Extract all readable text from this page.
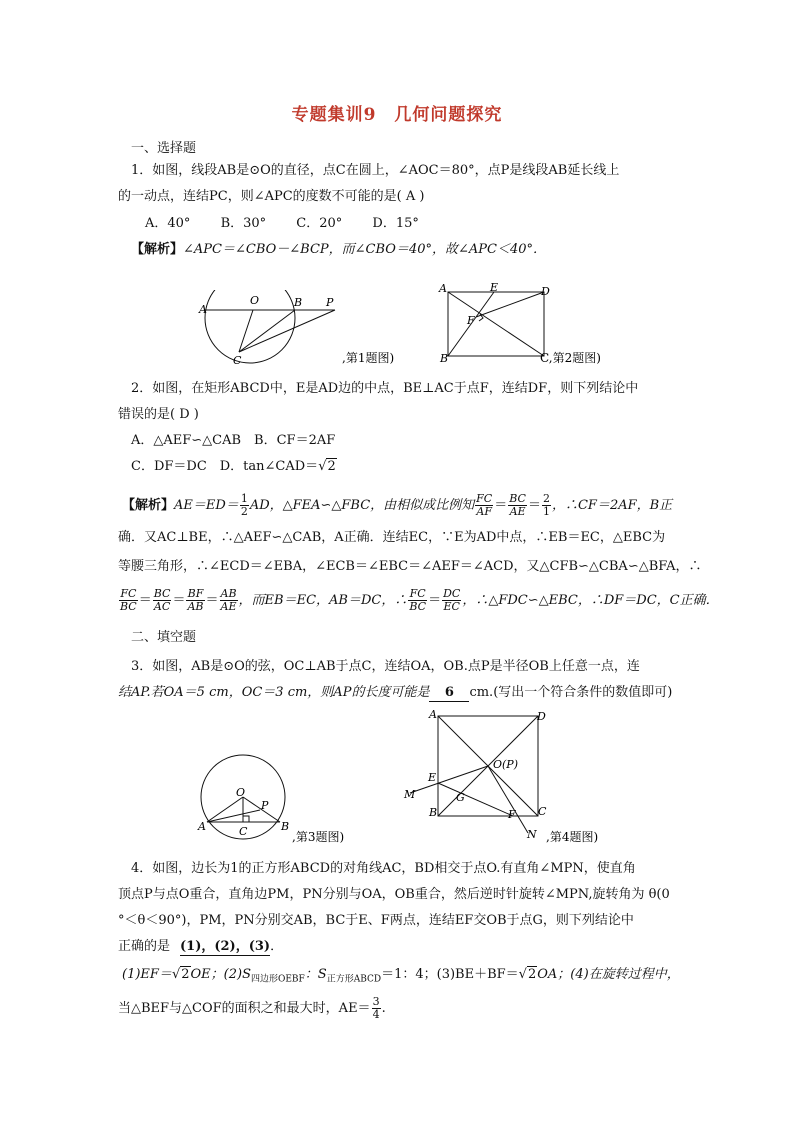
专题集训9　几何问题探究
一、选择题
1．如图，线段AB是⊙O的直径，点C在圆上，∠AOC＝80°，点P是线段AB延长线上
的一动点，连结PC，则∠APC的度数不可能的是( A )
A．40°　　 B．30°　　 C．20°　　 D．15°
【解析】∠APC＝∠CBO－∠BCP，而∠CBO＝40°，故∠APC＜40°．
A
O	B P
C	,第1题图)
A	E	D
F
B	C,第2题图)
2．如图，在矩形ABCD中，E是AD边的中点，BE⊥AC于点F，连结DF，则下列结论中
错误的是( D )
A．△AEF∽△CAB　B．CF＝2AF
C．DF＝DC　D．tan∠CAD＝√2
【解析】$AE=ED= \frac{1}{2}$ AD，△FEA∽△FBC，由相似成比例知 $\frac{FC}{AF} = \frac{BC}{AE} = \frac{2}{1}$ ，∴CF＝2AF，B正
确．又AC⊥BE，∴△AEF∽△CAB，A正确．连结EC，∵E为AD中点，∴EB＝EC，△EBC为
等腰三角形，∴∠ECD＝∠EBA，∠ECB＝∠EBC＝∠AEF＝∠ACD，又△CFB∽△CBA∽△BFA，∴
$\frac{FC}{BC} = \frac{BC}{AC} = \frac{BF}{AB} = \frac{AB}{AE}$ ，而EB＝EC，AB＝DC，∴ $\frac{FC}{BC} = \frac{DC}{EC}$ ，∴△FDC∽△EBC，∴DF＝DC，C正确．
二、填空题
3．如图，AB是⊙O的弦，OC⊥AB于点C，连结OA，OB.点P是半径OB上任意一点，连
结AP.若OA＝5 cm，OC＝3 cm，则AP的长度可能是 6 cm.(写出一个符合条件的数值即可)
O
P
A	C	B
,第3题图)
A	D
O(P)
E
M	G
B	F C
N ,第4题图)
4．如图，边长为1的正方形ABCD的对角线AC，BD相交于点O.有直角∠MPN，使直角
顶点P与点O重合，直角边PM，PN分别与OA，OB重合，然后逆时针旋转∠MPN,旋转角为 θ(0
°＜θ＜90°)，PM，PN分别交AB，BC于E、F两点，连结EF交OB于点G，则下列结论中
正确的是 (1)，(2)，(3)．
(1)EF＝√2OE；$(2)S_{四边形OEBF}$：$S_{正方形ABCD}=1$：4；(3)BE＋BF＝√2OA；(4)在旋转过程中，
当△BEF与△COF的面积之和最大时，$AE= \frac{3}{4}$ .
